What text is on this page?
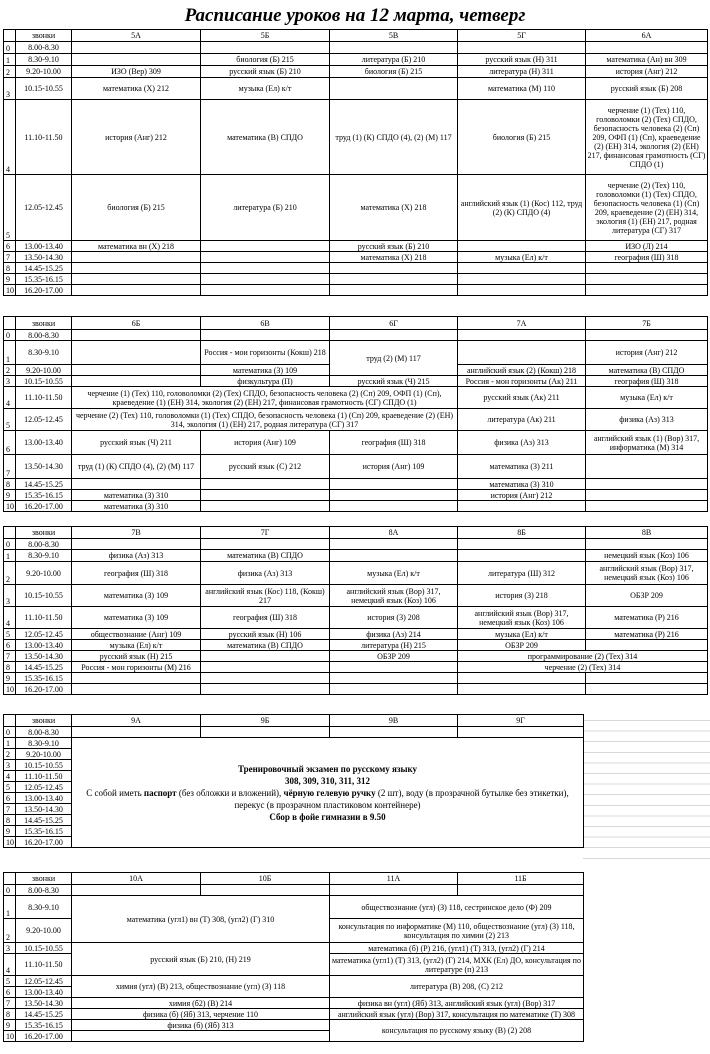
Расписание уроков на 12 марта, четверг
	звонки	5А	5Б	5В	5Г	6А
0	8.00-8.30					
1	8.30-9.10		биология (Б) 215	литература (Б) 210	русский язык (Н) 311	математика (Ан) вн 309
2	9.20-10.00	ИЗО (Вер) 309	русский язык (Б) 210	биология (Б) 215	литература (Н) 311	история (Анг) 212
3	10.15-10.55	математика (Х) 212	музыка (Ел) к/т		математика (М) 110	русский язык (Б) 208
4	11.10-11.50	история (Анг) 212	математика (В) СПДО	труд (1) (К) СПДО (4), (2) (М) 117	биология (Б) 215	черчение (1) (Тех) 110, головоломки (2) (Тех) СПДО, безопасность человека (2) (Сп) 209, ОФП (1) (Сп), краеведение (2) (ЕН) 314, экология (2) (ЕН) 217, финансовая грамотность (СГ) СПДО (1)
5	12.05-12.45	биология (Б) 215	литература (Б) 210	математика (Х) 218	английский язык (1) (Кос) 112, труд (2) (К) СПДО (4)	черчение (2) (Тех) 110, головоломки (1) (Тех) СПДО, безопасность человека (1) (Сп) 209, краеведение (2) (ЕН) 314, экология (1) (ЕН) 217, родная литература (СГ) 317
6	13.00-13.40	математика вн (Х) 218		русский язык (Б) 210		ИЗО (Л) 214
7	13.50-14.30			математика (Х) 218	музыка (Ел) к/т	география (Ш) 318
8	14.45-15.25					
9	15.35-16.15					
10	16.20-17.00					
	звонки	6Б	6В	6Г	7А	7Б
0	8.00-8.30					
1	8.30-9.10		Россия - мои горизонты (Кокш) 218	труд (2) (М) 117		история (Анг) 212
2	9.20-10.00		математика (З) 109		английский язык (2) (Кокш) 218	математика (В) СПДО
3	10.15-10.55		физкультура (П)	русский язык (Ч) 215	Россия - мон горизонты (Ак) 211	география (Ш) 318
4	11.10-11.50	черчение (1) (Тех) 110, головоломки (2) (Тех) СПДО, безопасность человека (2) (Сп) 209, ОФП (1) (Сп), краеведение (1) (ЕН) 314, экология (2) (ЕН) 217, финансовая грамотность (СГ) СПДО (1)			русский язык (Ак) 211	музыка (Ел) к/т
5	12.05-12.45	черчение (2) (Тех) 110, головоломки (1) (Тех) СПДО, безопасность человека (1) (Сп) 209, краеведение (2) (ЕН) 314, экология (1) (ЕН) 217, родная литература (СГ) 317			литература (Ак) 211	физика (Аз) 313
6	13.00-13.40	русский язык (Ч) 211	история (Анг) 109	география (Ш) 318	физика (Аз) 313	английский язык (1) (Вор) 317, информатика (М) 314
7	13.50-14.30	труд (1) (К) СПДО (4), (2) (М) 117	русский язык (С) 212	история (Анг) 109	математика (З) 211	
8	14.45-15.25				математика (З) 310	
9	15.35-16.15	математика (З) 310			история (Анг) 212	
10	16.20-17.00	математика (З) 310				
	звонки	7В	7Г	8А	8Б	8В
0	8.00-8.30					
1	8.30-9.10	физика (Аз) 313	математика (В) СПДО			немецкий язык (Коз) 106
2	9.20-10.00	география (Ш) 318	физика (Аз) 313	музыка (Ел) к/т	литература (Ш) 312	английский язык (Вор) 317, немецкий язык (Коз) 106
3	10.15-10.55	математика (З) 109	английский язык (Кос) 118, (Кокш) 217	английский язык (Вор) 317, немецкий язык (Коз) 106	история (З) 218	ОБЗР 209
4	11.10-11.50	математика (З) 109	география (Ш) 318	история (З) 208	английский язык (Вор) 317, немецкий язык (Коз) 106	математика (Р) 216
5	12.05-12.45	обществознание (Анг) 109	русский язык (Н) 106	физика (Аз) 214	музыка (Ел) к/т	математика (Р) 216
6	13.00-13.40	музыка (Ел) к/т	математика (В) СПДО	литература (Н) 215	ОБЗР 209	
7	13.50-14.30	русский язык (Н) 215		ОБЗР 209	программирование (2) (Тех) 314	
8	14.45-15.25	Россия - мон горизонты (М) 216			черчение (2) (Тех) 314	
9	15.35-16.15					
10	16.20-17.00					
	звонки	9А	9Б	9В	9Г	
0	8.00-8.30					
1	8.30-9.10	Тренировочный экзамен по русскому языку
308, 309, 310, 311, 312
С собой иметь паспорт (без обложки и вложений), чёрную гелевую ручку (2 шт), воду (в прозрачной бутылке без этикетки), перекус (в прозрачном пластиковом контейнере)
Сбор в фойе гимназии в 9.50				
2	9.20-10.00					
3	10.15-10.55					
4	11.10-11.50					
5	12.05-12.45					
6	13.00-13.40					
7	13.50-14.30					
8	14.45-15.25					
9	15.35-16.15					
10	16.20-17.00					
	звонки	10А	10Б	11А	11Б
0	8.00-8.30				
1	8.30-9.10	математика (угл1) вн (Т) 308, (угл2) (Г) 310		обществознание (угл) (З) 118, сестринское дело (Ф) 209	
2	9.20-10.00			консультация по информатике (М) 110, обществознание (угл) (З) 118, консультация по химии (2) 213	
3	10.15-10.55	русский язык (Б) 210, (Н) 219		математика (б) (Р) 216, (угл1) (Т) 313, (угл2) (Г) 214	
4	11.10-11.50			математика (угл1) (Т) 313, (угл2) (Г) 214, МХК (Ел) ДО, консультация по литературе (п) 213	
5	12.05-12.45	химия (угл) (В) 213, обществознание (угл) (З) 118		литература (В) 208, (С) 212	
6	13.00-13.40				
7	13.50-14.30	химия (б2) (В) 214		физика вн (угл) (Яб) 313, английский язык (угл) (Вор) 317	
8	14.45-15.25	физика (б) (Яб) 313, черчение 110		английский язык (угл) (Вор) 317, консультация по математике (Т) 308	
9	15.35-16.15	физика (б) (Яб) 313		консультация по русскому языку (В) (2) 208	
10	16.20-17.00				
